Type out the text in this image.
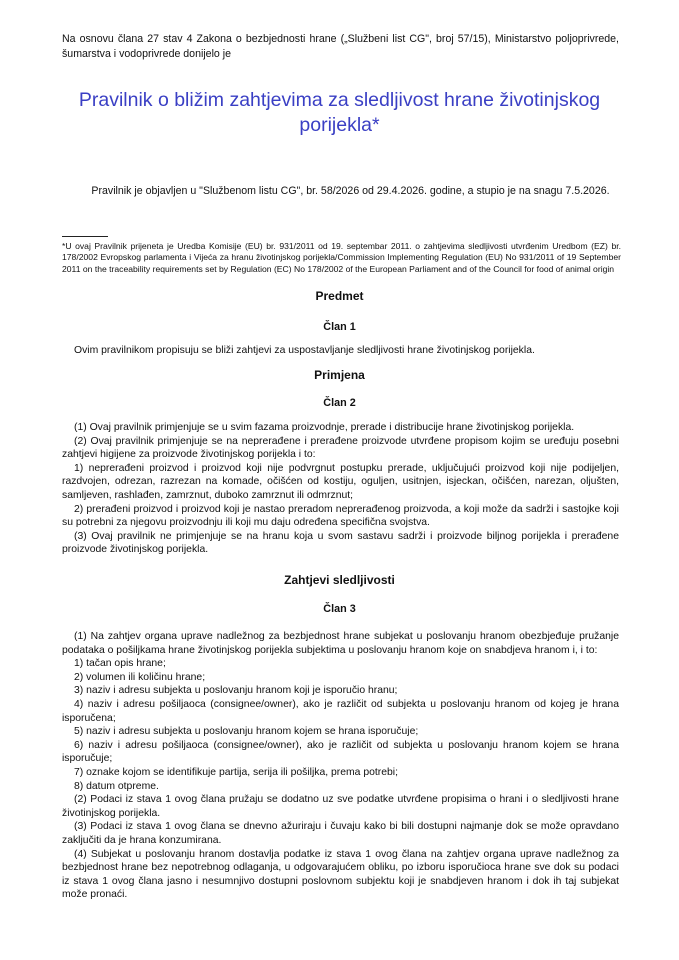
Na osnovu člana 27 stav 4 Zakona o bezbjednosti hrane („Službeni list CG", broj 57/15), Ministarstvo poljoprivrede, šumarstva i vodoprivrede donijelo je
Pravilnik o bližim zahtjevima za sledljivost hrane životinjskog porijekla*
Pravilnik je objavljen u "Službenom listu CG", br. 58/2026 od 29.4.2026. godine, a stupio je na snagu 7.5.2026.
*U ovaj Pravilnik prijeneta je Uredba Komisije (EU) br. 931/2011 od 19. septembar 2011. o zahtjevima sledljivosti utvrđenim Uredbom (EZ) br. 178/2002 Evropskog parlamenta i Vijeća za hranu životinjskog porijekla/Commission Implementing Regulation (EU) No 931/2011 of 19 September 2011 on the traceability requirements set by Regulation (EC) No 178/2002 of the European Parliament and of the Council for food of animal origin
Predmet
Član 1

Ovim pravilnikom propisuju se bliži zahtjevi za uspostavljanje sledljivosti hrane životinjskog porijekla.

Primjena
Član 2

(1) Ovaj pravilnik primjenjuje se u svim fazama proizvodnje, prerade i distribucije hrane životinjskog porijekla.

(2) Ovaj pravilnik primjenjuje se na neprerađene i prerađene proizvode utvrđene propisom kojim se uređuju posebni zahtjevi higijene za proizvode životinjskog porijekla i to:

1) neprerađeni proizvod i proizvod koji nije podvrgnut postupku prerade, uključujući proizvod koji nije podijeljen, razdvojen, odrezan, razrezan na komade, očišćen od kostiju, oguljen, usitnjen, isjeckan, očišćen, narezan, oljušten, samljeven, rashlađen, zamrznut, duboko zamrznut ili odmrznut;

2) prerađeni proizvod i proizvod koji je nastao preradom neprerađenog proizvoda, a koji može da sadrži i sastojke koji su potrebni za njegovu proizvodnju ili koji mu daju određena specifična svojstva.

(3) Ovaj pravilnik ne primjenjuje se na hranu koja u svom sastavu sadrži i proizvode biljnog porijekla i prerađene proizvode životinjskog porijekla.

Zahtjevi sledljivosti
Član 3

(1) Na zahtjev organa uprave nadležnog za bezbjednost hrane subjekat u poslovanju hranom obezbjeđuje pružanje podataka o pošiljkama hrane životinjskog porijekla subjektima u poslovanju hranom koje on snabdjeva hranom i, i to:

1) tačan opis hrane;

2) volumen ili količinu hrane;

3) naziv i adresu subjekta u poslovanju hranom koji je isporučio hranu;

4) naziv i adresu pošiljaoca (consignee/owner), ako je različit od subjekta u poslovanju hranom od kojeg je hrana isporučena;

5) naziv i adresu subjekta u poslovanju hranom kojem se hrana isporučuje;

6) naziv i adresu pošiljaoca (consignee/owner), ako je različit od subjekta u poslovanju hranom kojem se hrana isporučuje;

7) oznake kojom se identifikuje partija, serija ili pošiljka, prema potrebi;

8) datum otpreme.

(2) Podaci iz stava 1 ovog člana pružaju se dodatno uz sve podatke utvrđene propisima o hrani i o sledljivosti hrane životinjskog porijekla.

(3) Podaci iz stava 1 ovog člana se dnevno ažuriraju i čuvaju kako bi bili dostupni najmanje dok se može opravdano zaključiti da je hrana konzumirana.

(4) Subjekat u poslovanju hranom dostavlja podatke iz stava 1 ovog člana na zahtjev organa uprave nadležnog za bezbjednost hrane bez nepotrebnog odlaganja, u odgovarajućem obliku, po izboru isporučioca hrane sve dok su podaci iz stava 1 ovog člana jasno i nesumnjivo dostupni poslovnom subjektu koji je snabdjeven hranom i dok ih taj subjekat može pronaći.
